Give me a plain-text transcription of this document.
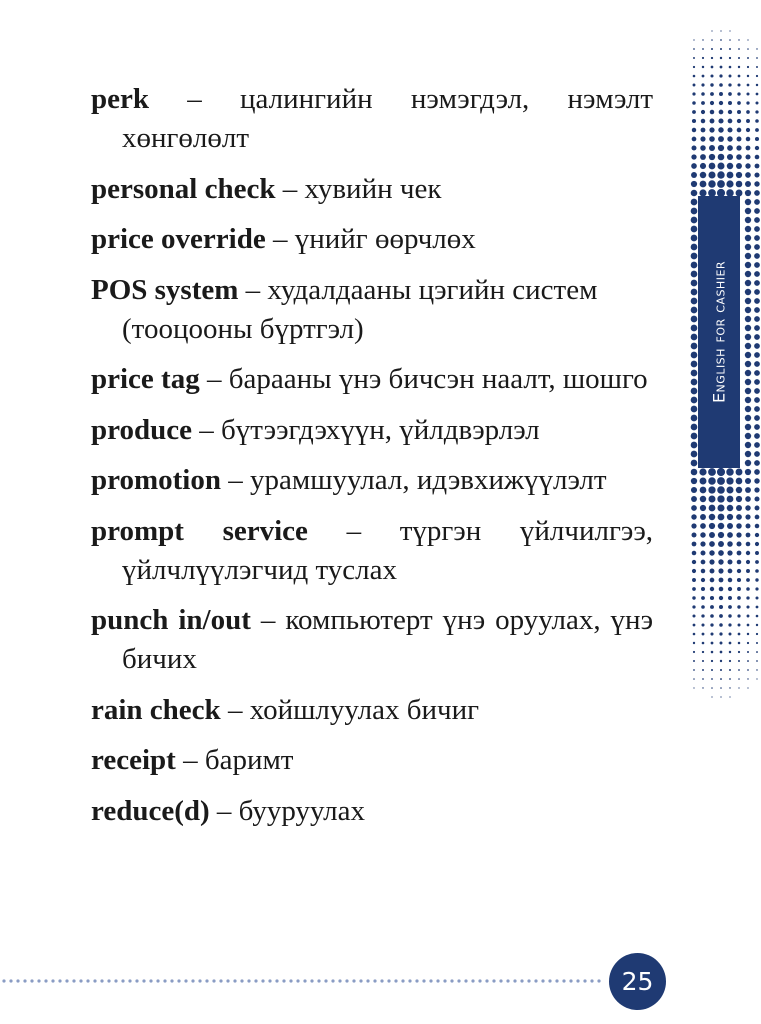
English for cashier

perk – цалингийн нэмэгдэл, нэмэлт хөнгөлөлт

personal check – хувийн чек

price override – үнийг өөрчлөх

POS system – худалдааны цэгийн систем (тооцооны бүртгэл)

price tag – барааны үнэ бичсэн наалт, шошго

produce – бүтээгдэхүүн, үйлдвэрлэл

promotion – урамшуулал, идэвхижүүлэлт

prompt service – түргэн үйлчилгээ, үйлчлүүлэгчид туслах

punch in/out – компьютерт үнэ оруулах, үнэ бичих

rain check – хойшлуулах бичиг

receipt – баримт

reduce(d) – бууруулах

25
